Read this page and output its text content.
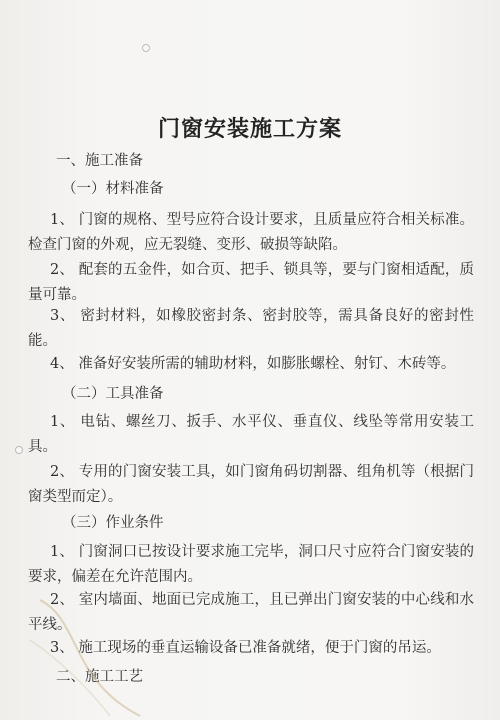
门窗安装施工方案
一、施工准备
（一）材料准备
1、 门窗的规格、型号应符合设计要求，且质量应符合相关标准。检查门窗的外观，应无裂缝、变形、破损等缺陷。
2、 配套的五金件，如合页、把手、锁具等，要与门窗相适配，质量可靠。
3、 密封材料，如橡胶密封条、密封胶等，需具备良好的密封性能。
4、 准备好安装所需的辅助材料，如膨胀螺栓、射钉、木砖等。
（二）工具准备
1、 电钻、螺丝刀、扳手、水平仪、垂直仪、线坠等常用安装工具。
2、 专用的门窗安装工具，如门窗角码切割器、组角机等（根据门窗类型而定）。
（三）作业条件
1、 门窗洞口已按设计要求施工完毕，洞口尺寸应符合门窗安装的要求，偏差在允许范围内。
2、 室内墙面、地面已完成施工，且已弹出门窗安装的中心线和水平线。
3、 施工现场的垂直运输设备已准备就绪，便于门窗的吊运。
二、施工工艺
